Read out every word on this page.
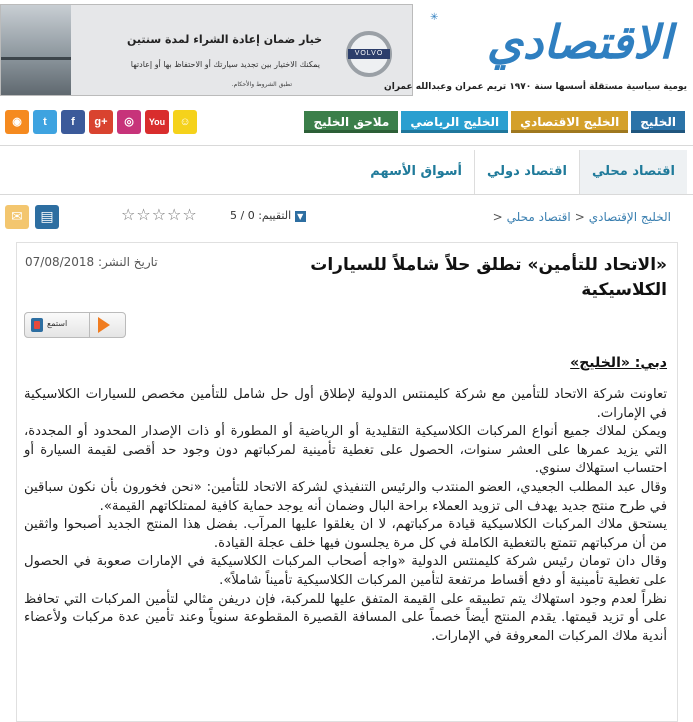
VOLVO
خيار ضمان إعادة الشراء لمدة سنتين
يمكنك الاختيار بين تجديد سيارتك أو الاحتفاظ بها أو إعادتها
تطبق الشروط والأحكام.
✳ الاقتصادي
يومية سياسية مستقلة أسسها سنة ١٩٧٠ تريم عمران وعبدالله عمران
الخليج
الخليج الاقتصادي
الخليج الرياضي
ملاحق الخليج
◉	t	f	g+	◎	You	☺
اقتصاد محلي
اقتصاد دولي
أسواق الأسهم
الخليج الإقتصادي<اقتصاد محلي<
▼ التقييم: 0 / 5
☆☆☆☆☆
✉	▤
«الاتحاد للتأمين» تطلق حلاً شاملاً للسيارات الكلاسيكية
تاريخ النشر: 07/08/2018
استمع
دبي: «الخليج»

تعاونت شركة الاتحاد للتأمين مع شركة كليمنتس الدولية لإطلاق أول حل شامل للتأمين مخصص للسيارات الكلاسيكية في الإمارات.

ويمكن لملاك جميع أنواع المركبات الكلاسيكية التقليدية أو الرياضية أو المطورة أو ذات الإصدار المحدود أو المجددة، التي يزيد عمرها على العشر سنوات، الحصول على تغطية تأمينية لمركباتهم دون وجود حد أقصى لقيمة السيارة أو احتساب استهلاك سنوي.

وقال عبد المطلب الجعيدي، العضو المنتدب والرئيس التنفيذي لشركة الاتحاد للتأمين: «نحن فخورون بأن نكون سباقين في طرح منتج جديد يهدف الى تزويد العملاء براحة البال وضمان أنه يوجد حماية كافية لممتلكاتهم القيمة».

يستحق ملاك المركبات الكلاسيكية قيادة مركباتهم، لا ان يغلقوا عليها المرآب. بفضل هذا المنتج الجديد أصبحوا واثقين من أن مركباتهم تتمتع بالتغطية الكاملة في كل مرة يجلسون فيها خلف عجلة القيادة.

وقال دان تومان رئيس شركة كليمنتس الدولية «واجه أصحاب المركبات الكلاسيكية في الإمارات صعوبة في الحصول على تغطية تأمينية أو دفع أقساط مرتفعة لتأمين المركبات الكلاسيكية تأميناً شاملاً».

نظراً لعدم وجود استهلاك يتم تطبيقه على القيمة المتفق عليها للمركبة، فإن دريفن مثالي لتأمين المركبات التي تحافظ على أو تزيد قيمتها. يقدم المنتج أيضاً خصماً على المسافة القصيرة المقطوعة سنوياً وعند تأمين عدة مركبات ولأعضاء أندية ملاك المركبات المعروفة في الإمارات.
